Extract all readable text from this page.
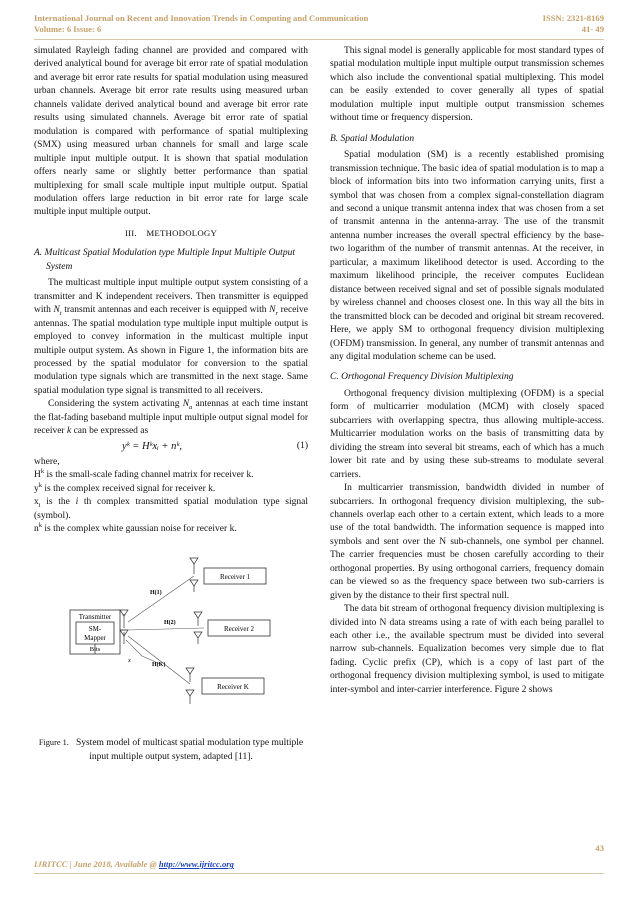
International Journal on Recent and Innovation Trends in Computing and Communication
Volume: 6 Issue: 6
ISSN: 2321-8169
41- 49

simulated Rayleigh fading channel are provided and compared with derived analytical bound for average bit error rate of spatial modulation and average bit error rate results for spatial modulation using measured urban channels. Average bit error rate results using measured urban channels validate derived analytical bound and average bit error rate results using simulated channels. Average bit error rate of spatial modulation is compared with performance of spatial multiplexing (SMX) using measured urban channels for small and large scale multiple input multiple output. It is shown that spatial modulation offers nearly same or slightly better performance than spatial multiplexing for small scale multiple input multiple output. Spatial modulation offers large reduction in bit error rate for large scale multiple input multiple output.

III. METHODOLOGY
A. Multicast Spatial Modulation type Multiple Input Multiple Output System

The multicast multiple input multiple output system consisting of a transmitter and K independent receivers. Then transmitter is equipped with $N_t$ transmit antennas and each receiver is equipped with $N_r$ receive antennas. The spatial modulation type multiple input multiple output is employed to convey information in the multicast multiple input multiple output system. As shown in Figure 1, the information bits are processed by the spatial modulator for conversion to the spatial modulation type signals which are transmitted in the next stage. Same spatial modulation type signal is transmitted to all receivers.

Considering the system activating $N_a$ antennas at each time instant the flat-fading baseband multiple input multiple output signal model for receiver k can be expressed as

yᵏ = Hᵏxᵢ + nᵏ,	(1)

where,

$H^k$ is the small-scale fading channel matrix for receiver k.

$y^k$ is the complex received signal for receiver k.

$x_i$ is the i th complex transmitted spatial modulation type signal (symbol).

$n^k$ is the complex white gaussian noise for receiver k.

Transmitter
SM-
Mapper
Bits
x
H(1)
H(2)
H(K)
Receiver 1
Receiver 2
Receiver K
Figure 1. System model of multicast spatial modulation type multiple input multiple output system, adapted [11].

This signal model is generally applicable for most standard types of spatial modulation multiple input multiple output transmission schemes which also include the conventional spatial multiplexing. This model can be easily extended to cover generally all types of spatial modulation multiple input multiple output transmission schemes without time or frequency dispersion.

B. Spatial Modulation

Spatial modulation (SM) is a recently established promising transmission technique. The basic idea of spatial modulation is to map a block of information bits into two information carrying units, first a symbol that was chosen from a complex signal-constellation diagram and second a unique transmit antenna index that was chosen from a set of transmit antenna in the antenna-array. The use of the transmit antenna number increases the overall spectral efficiency by the base-two logarithm of the number of transmit antennas. At the receiver, in particular, a maximum likelihood detector is used. According to the maximum likelihood principle, the receiver computes Euclidean distance between received signal and set of possible signals modulated by wireless channel and chooses closest one. In this way all the bits in the transmitted block can be decoded and original bit stream recovered. Here, we apply SM to orthogonal frequency division multiplexing (OFDM) transmission. In general, any number of transmit antennas and any digital modulation scheme can be used.

C. Orthogonal Frequency Division Multiplexing

Orthogonal frequency division multiplexing (OFDM) is a special form of multicarrier modulation (MCM) with closely spaced subcarriers with overlapping spectra, thus allowing multiple-access. Multicarrier modulation works on the basis of transmitting data by dividing the stream into several bit streams, each of which has a much lower bit rate and by using these sub-streams to modulate several carriers.

In multicarrier transmission, bandwidth divided in number of subcarriers. In orthogonal frequency division multiplexing, the sub-channels overlap each other to a certain extent, which leads to a more use of the total bandwidth. The information sequence is mapped into symbols and sent over the N sub-channels, one symbol per channel. The carrier frequencies must be chosen carefully according to their orthogonal properties. By using orthogonal carriers, frequency domain can be viewed so as the frequency space between two sub-carriers is given by the distance to their first spectral null.

The data bit stream of orthogonal frequency division multiplexing is divided into N data streams using a rate of with each being parallel to each other i.e., the available spectrum must be divided into several narrow sub-channels. Equalization becomes very simple due to flat fading. Cyclic prefix (CP), which is a copy of last part of the orthogonal frequency division multiplexing symbol, is used to mitigate inter-symbol and inter-carrier interference. Figure 2 shows

43
IJRITCC | June 2018, Available @ http://www.ijritcc.org
